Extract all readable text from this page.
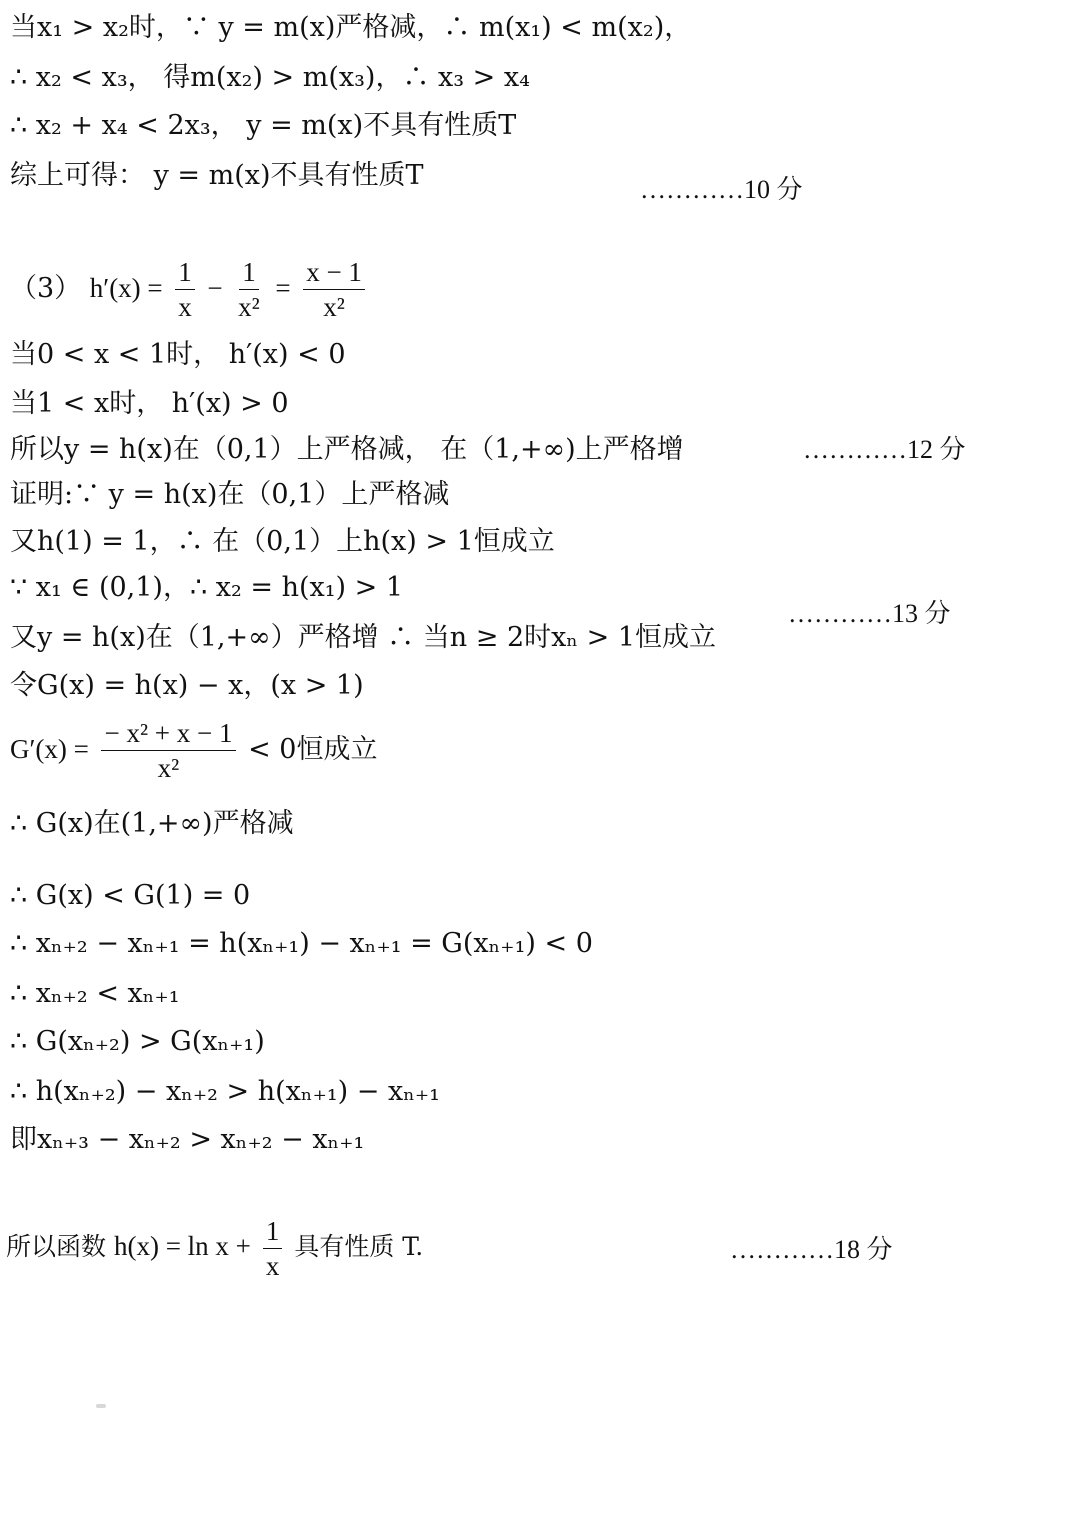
当x₁ > x₂时，∵ y = m(x)严格减，∴ m(x₁) < m(x₂)，
∴ x₂ < x₃， 得m(x₂) > m(x₃)，∴ x₃ > x₄
∴ x₂ + x₄ < 2x₃， y = m(x)不具有性质T
综上可得： y = m(x)不具有性质T	…………10 分
（3） $h'(x) = \frac{1}{x} - \frac{1}{\text{x²}} = \frac{x - 1}{\text{x²}}$
当0 < x < 1时， h′(x) < 0
当1 < x时， h′(x) > 0
所以y = h(x)在（0,1）上严格减， 在（1,+∞)上严格增	…………12 分
证明:∵ y = h(x)在（0,1）上严格减
又h(1) = 1，∴ 在（0,1）上h(x) > 1恒成立
∵ x₁ ∈ (0,1)，∴ x₂ = h(x₁) > 1
…………13 分
又y = h(x)在（1,+∞）严格增 ∴ 当n ≥ 2时xₙ > 1恒成立
令G(x) = h(x) − x，(x > 1)
$G'(x) = \frac{\text{− x² + x − 1}}{\text{x²}} < 0$恒成立
∴ G(x)在(1,+∞)严格减
∴ G(x) < G(1) = 0
∴ xₙ₊₂ − xₙ₊₁ = h(xₙ₊₁) − xₙ₊₁ = G(xₙ₊₁) < 0
∴ xₙ₊₂ < xₙ₊₁
∴ G(xₙ₊₂) > G(xₙ₊₁)
∴ h(xₙ₊₂) − xₙ₊₂ > h(xₙ₊₁) − xₙ₊₁
即xₙ₊₃ − xₙ₊₂ > xₙ₊₂ − xₙ₊₁
所以函数 $h(x) = \ln x + \frac{1}{x}$ 具有性质 T.	…………18 分
